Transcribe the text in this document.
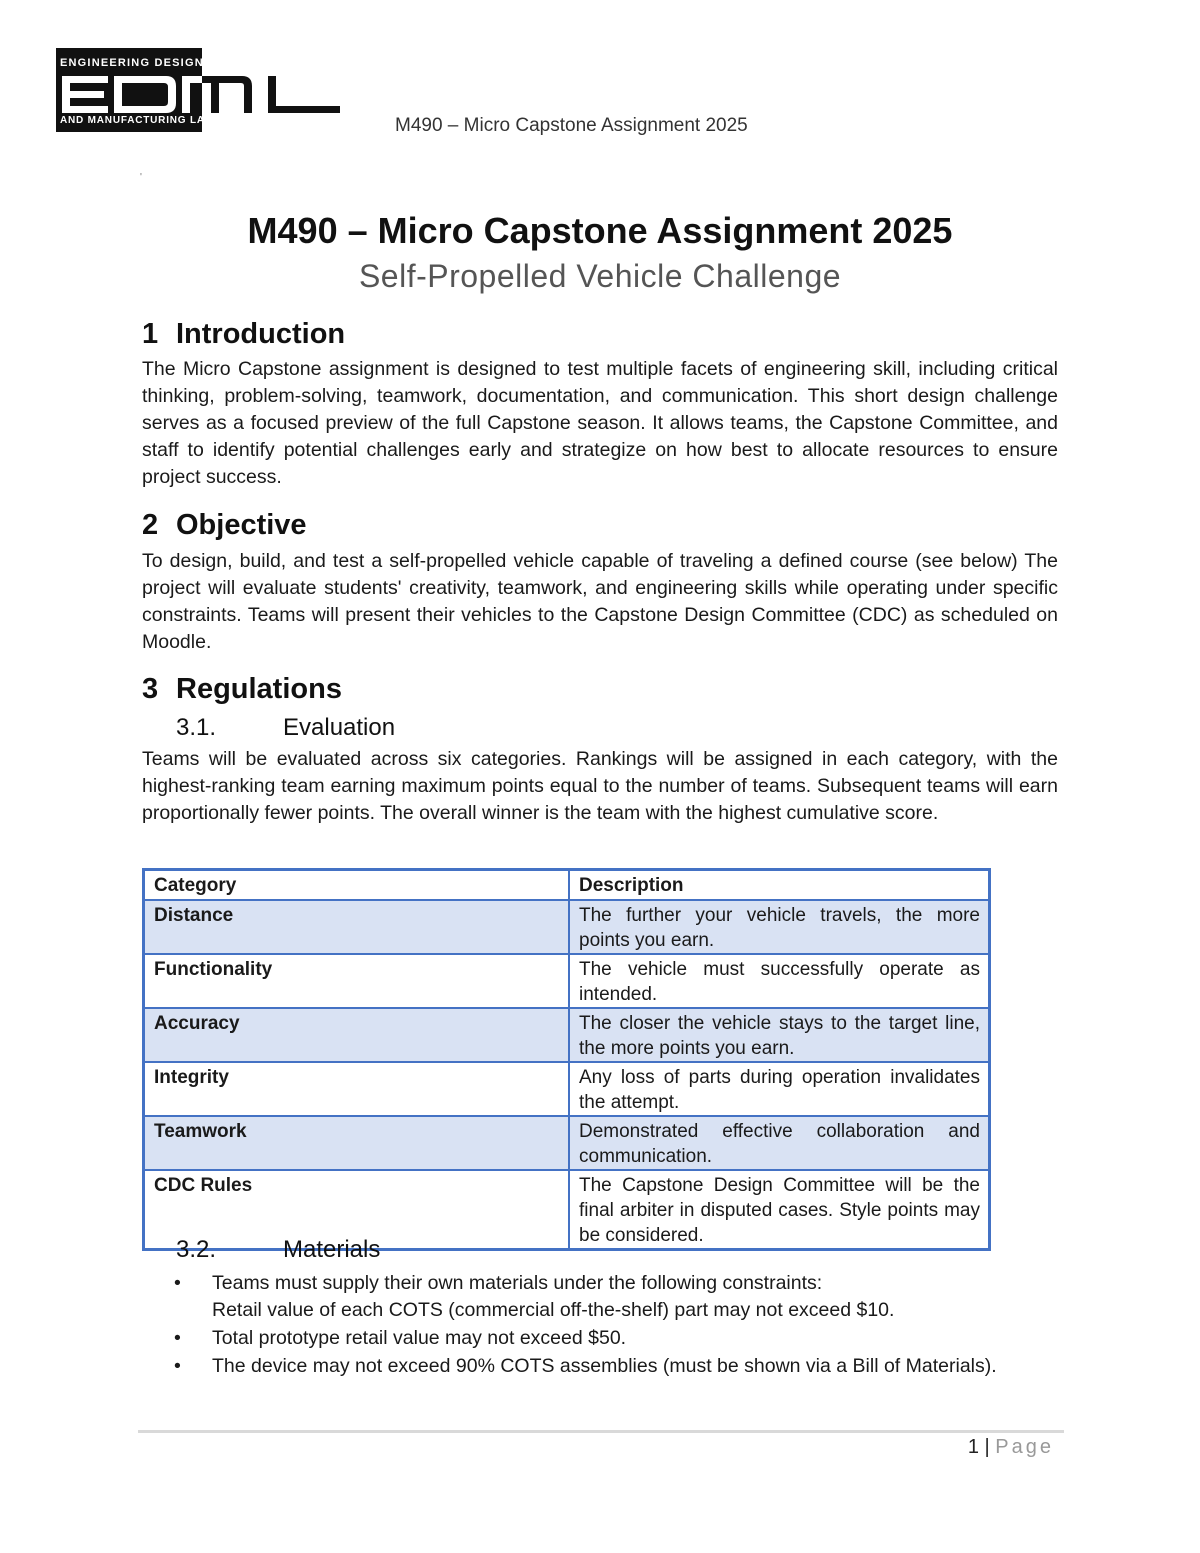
ENGINEERING DESIGN
AND MANUFACTURING LABORATORY	M490 – Micro Capstone Assignment 2025
'
M490 – Micro Capstone Assignment 2025
Self-Propelled Vehicle Challenge
1 Introduction
The Micro Capstone assignment is designed to test multiple facets of engineering skill, including critical thinking, problem-solving, teamwork, documentation, and communication. This short design challenge serves as a focused preview of the full Capstone season. It allows teams, the Capstone Committee, and staff to identify potential challenges early and strategize on how best to allocate resources to ensure project success.
2 Objective
To design, build, and test a self-propelled vehicle capable of traveling a defined course (see below) The project will evaluate students' creativity, teamwork, and engineering skills while operating under specific constraints. Teams will present their vehicles to the Capstone Design Committee (CDC) as scheduled on Moodle.
3 Regulations
3.1.	Evaluation
Teams will be evaluated across six categories. Rankings will be assigned in each category, with the highest-ranking team earning maximum points equal to the number of teams. Subsequent teams will earn proportionally fewer points. The overall winner is the team with the highest cumulative score.
Category	Description
Distance	The further your vehicle travels, the more points you earn.
Functionality	The vehicle must successfully operate as intended.
Accuracy	The closer the vehicle stays to the target line, the more points you earn.
Integrity	Any loss of parts during operation invalidates the attempt.
Teamwork	Demonstrated effective collaboration and communication.
CDC Rules	The Capstone Design Committee will be the final arbiter in disputed cases. Style points may be considered.
3.2.	Materials
• Teams must supply their own materials under the following constraints:
Retail value of each COTS (commercial off-the-shelf) part may not exceed $10.
• Total prototype retail value may not exceed $50.
• The device may not exceed 90% COTS assemblies (must be shown via a Bill of Materials).
1 | Page
